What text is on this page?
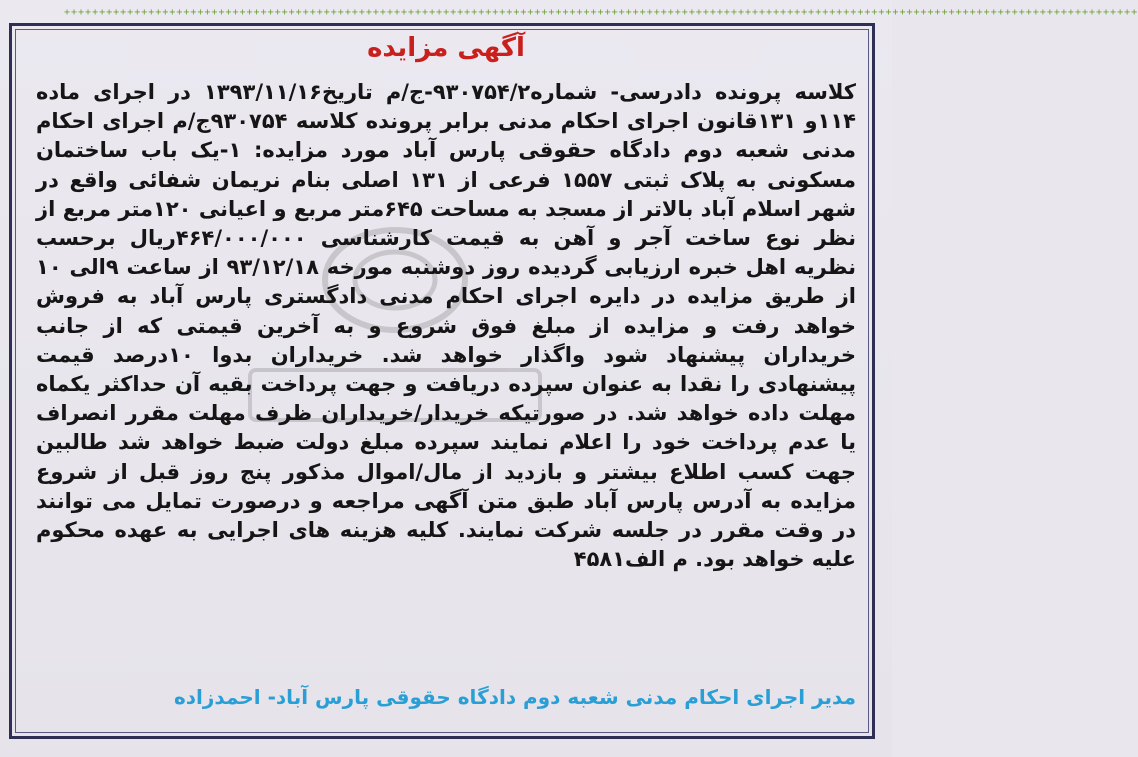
+++++++++++++++++++++++++++++++++++++++++++++++++++++++++++++++++++++++++++++++++++++++++++++++++++++++++++++++++++++++++++++++++++++++++++++++++++++++++
آگهی مزایده
کلاسه پرونده دادرسی- شماره۹۳۰۷۵۴/۲-ج/م تاریخ۱۳۹۳/۱۱/۱۶ در اجرای ماده ۱۱۴و ۱۳۱قانون اجرای احکام مدنی برابر پرونده کلاسه ۹۳۰۷۵۴ج/م اجرای احکام مدنی شعبه دوم دادگاه حقوقی پارس آباد مورد مزایده: ۱-یک باب ساختمان مسکونی به پلاک ثبتی ۱۵۵۷ فرعی از ۱۳۱ اصلی بنام نریمان شفائی واقع در شهر اسلام آباد بالاتر از مسجد به مساحت ۶۴۵متر مربع و اعیانی ۱۲۰متر مربع از نظر نوع ساخت آجر و آهن به قیمت کارشناسی ۴۶۴/۰۰۰/۰۰۰ریال برحسب نظریه اهل خبره ارزیابی گردیده روز دوشنبه مورخه ۹۳/۱۲/۱۸ از ساعت ۹الی ۱۰ از طریق مزایده در دایره اجرای احکام مدنی دادگستری پارس آباد به فروش خواهد رفت و مزایده از مبلغ فوق شروع و به آخرین قیمتی که از جانب خریداران پیشنهاد شود واگذار خواهد شد. خریداران بدوا ۱۰درصد قیمت پیشنهادی را نقدا به عنوان سپرده دریافت و جهت پرداخت بقیه آن حداکثر یکماه مهلت داده خواهد شد. در صورتیکه خریدار/خریداران ظرف مهلت مقرر انصراف یا عدم پرداخت خود را اعلام نمایند سپرده مبلغ دولت ضبط خواهد شد طالبین جهت کسب اطلاع بیشتر و بازدید از مال/اموال مذکور پنج روز قبل از شروع مزایده به آدرس پارس آباد طبق متن آگهی مراجعه و درصورت تمایل می توانند در وقت مقرر در جلسه شرکت نمایند. کلیه هزینه های اجرایی به عهده محکوم علیه خواهد بود. م الف۴۵۸۱
مدیر اجرای احکام مدنی شعبه دوم دادگاه حقوقی پارس آباد- احمدزاده
